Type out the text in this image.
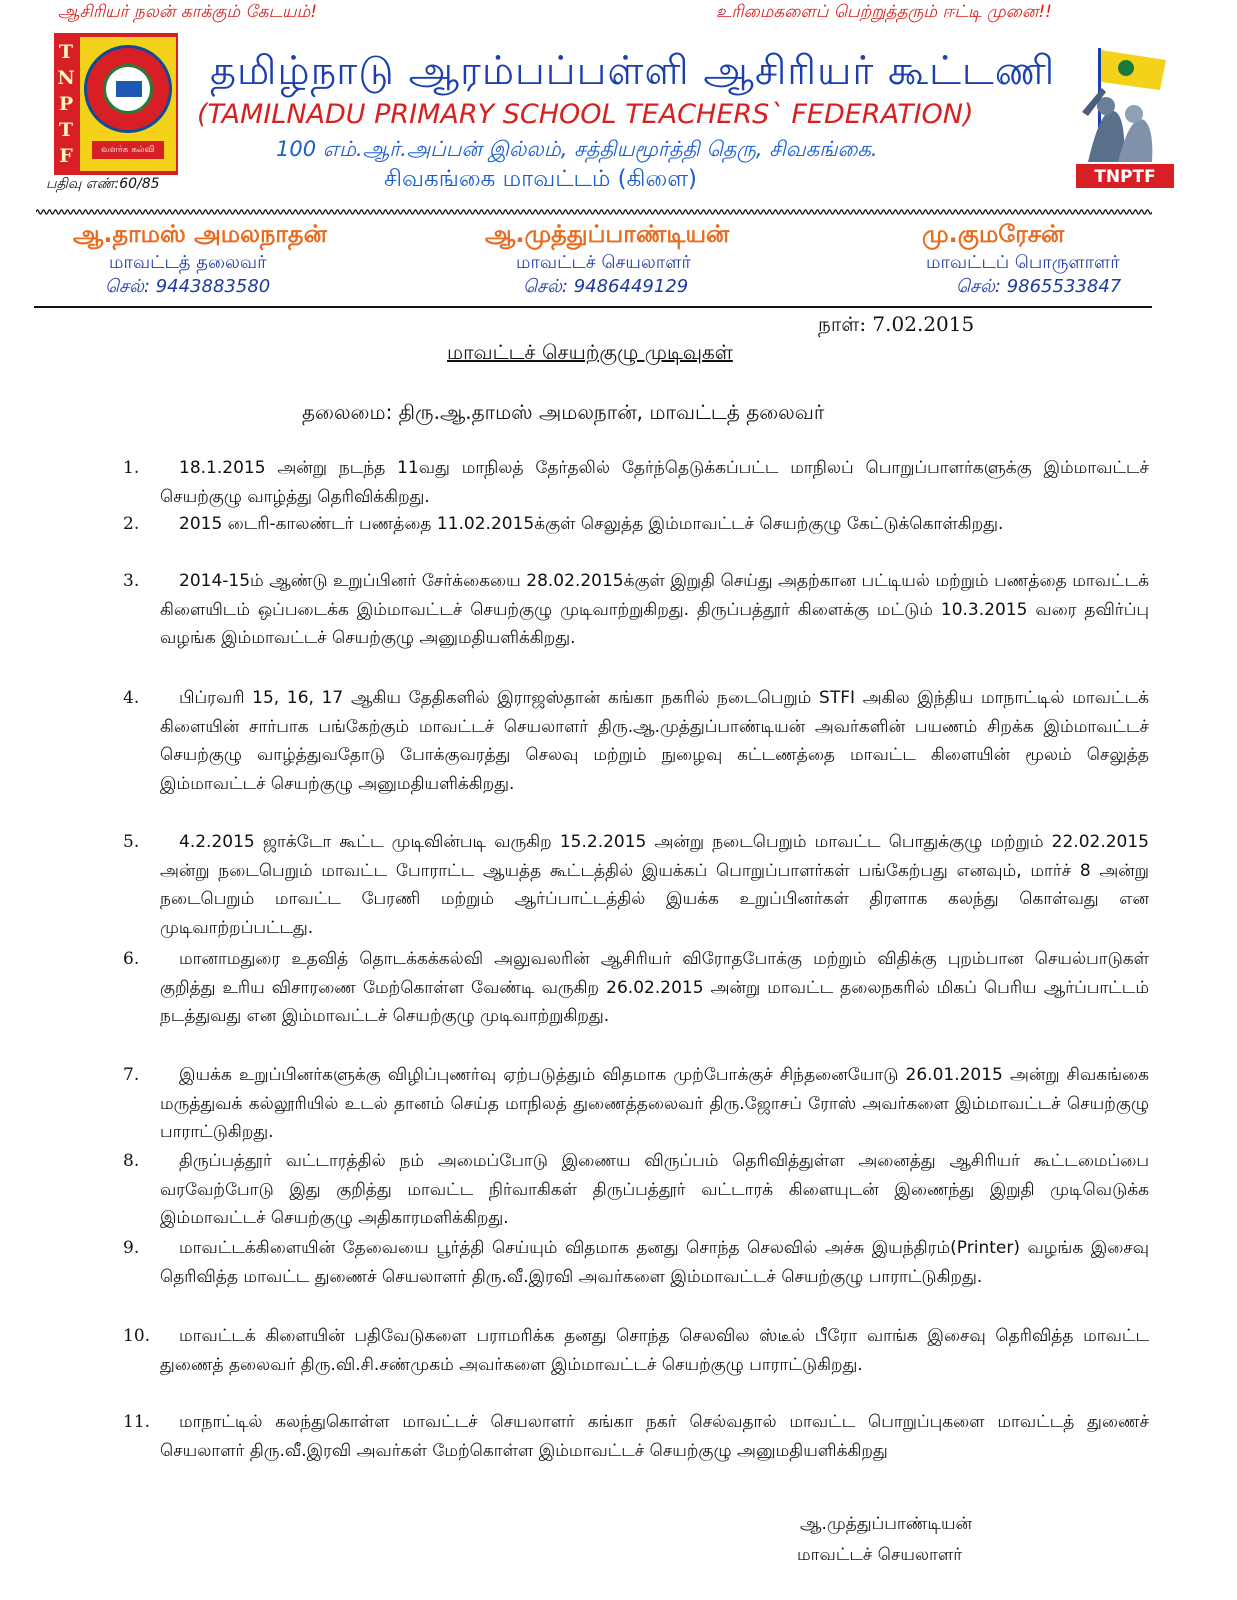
ஆசிரியர் நலன் காக்கும் கேடயம்!	உரிமைகளைப் பெற்றுத்தரும் ஈட்டி முனை!!
T
N
P
T
F	வளர்க கல்வி
பதிவு எண்:60/85
தமிழ்நாடு ஆரம்பப்பள்ளி ஆசிரியர் கூட்டணி
(TAMILNADU PRIMARY SCHOOL TEACHERS` FEDERATION)
100 எம்.ஆர்.அப்பன் இல்லம், சத்தியமூர்த்தி தெரு, சிவகங்கை.
சிவகங்கை மாவட்டம் (கிளை)	TNPTF
ஆ.தாமஸ் அமலநாதன்
மாவட்டத் தலைவர்
செல்: 9443883580
ஆ.முத்துப்பாண்டியன்
மாவட்டச் செயலாளர்
செல்: 9486449129
மு.குமரேசன்
மாவட்டப் பொருளாளர்
செல்: 9865533847
நாள்: 7.02.2015
மாவட்டச் செயற்குழு முடிவுகள்
தலைமை: திரு.ஆ.தாமஸ் அமலநான், மாவட்டத் தலைவர்
1.	18.1.2015 அன்று நடந்த 11வது மாநிலத் தேர்தலில் தேர்ந்தெடுக்கப்பட்ட மாநிலப் பொறுப்பாளர்களுக்கு இம்மாவட்டச் செயற்குழு வாழ்த்து தெரிவிக்கிறது.
2.	2015 டைரி-காலண்டர் பணத்தை 11.02.2015க்குள் செலுத்த இம்மாவட்டச் செயற்குழு கேட்டுக்கொள்கிறது.
3.	2014-15ம் ஆண்டு உறுப்பினர் சேர்க்கையை 28.02.2015க்குள் இறுதி செய்து அதற்கான பட்டியல் மற்றும் பணத்தை மாவட்டக் கிளையிடம் ஒப்படைக்க இம்மாவட்டச் செயற்குழு முடிவாற்றுகிறது. திருப்பத்தூர் கிளைக்கு மட்டும் 10.3.2015 வரை தவிர்ப்பு வழங்க இம்மாவட்டச் செயற்குழு அனுமதியளிக்கிறது.
4.	பிப்ரவரி 15, 16, 17 ஆகிய தேதிகளில் இராஜஸ்தான் கங்கா நகரில் நடைபெறும் STFI அகில இந்திய மாநாட்டில் மாவட்டக் கிளையின் சார்பாக பங்கேற்கும் மாவட்டச் செயலாளர் திரு.ஆ.முத்துப்பாண்டியன் அவர்களின் பயணம் சிறக்க இம்மாவட்டச் செயற்குழு வாழ்த்துவதோடு போக்குவரத்து செலவு மற்றும் நுழைவு கட்டணத்தை மாவட்ட கிளையின் மூலம் செலுத்த இம்மாவட்டச் செயற்குழு அனுமதியளிக்கிறது.
5.	4.2.2015 ஜாக்டோ கூட்ட முடிவின்படி வருகிற 15.2.2015 அன்று நடைபெறும் மாவட்ட பொதுக்குழு மற்றும் 22.02.2015 அன்று நடைபெறும் மாவட்ட போராட்ட ஆயத்த கூட்டத்தில் இயக்கப் பொறுப்பாளர்கள் பங்கேற்பது எனவும், மார்ச் 8 அன்று நடைபெறும் மாவட்ட பேரணி மற்றும் ஆர்ப்பாட்டத்தில் இயக்க உறுப்பினர்கள் திரளாக கலந்து கொள்வது என முடிவாற்றப்பட்டது.
6.	மானாமதுரை உதவித் தொடக்கக்கல்வி அலுவலரின் ஆசிரியர் விரோதபோக்கு மற்றும் விதிக்கு புறம்பான செயல்பாடுகள் குறித்து உரிய விசாரணை மேற்கொள்ள வேண்டி வருகிற 26.02.2015 அன்று மாவட்ட தலைநகரில் மிகப் பெரிய ஆர்ப்பாட்டம் நடத்துவது என இம்மாவட்டச் செயற்குழு முடிவாற்றுகிறது.
7.	இயக்க உறுப்பினர்களுக்கு விழிப்புணர்வு ஏற்படுத்தும் விதமாக முற்போக்குச் சிந்தனையோடு 26.01.2015 அன்று சிவகங்கை மருத்துவக் கல்லூரியில் உடல் தானம் செய்த மாநிலத் துணைத்தலைவர் திரு.ஜோசப் ரோஸ் அவர்களை இம்மாவட்டச் செயற்குழு பாராட்டுகிறது.
8.	திருப்பத்தூர் வட்டாரத்தில் நம் அமைப்போடு இணைய விருப்பம் தெரிவித்துள்ள அனைத்து ஆசிரியர் கூட்டமைப்பை வரவேற்போடு இது குறித்து மாவட்ட நிர்வாகிகள் திருப்பத்தூர் வட்டாரக் கிளையுடன் இணைந்து இறுதி முடிவெடுக்க இம்மாவட்டச் செயற்குழு அதிகாரமளிக்கிறது.
9.	மாவட்டக்கிளையின் தேவையை பூர்த்தி செய்யும் விதமாக தனது சொந்த செலவில் அச்சு இயந்திரம்(Printer) வழங்க இசைவு தெரிவித்த மாவட்ட துணைச் செயலாளர் திரு.வீ.இரவி அவர்களை இம்மாவட்டச் செயற்குழு பாராட்டுகிறது.
10.	மாவட்டக் கிளையின் பதிவேடுகளை பராமரிக்க தனது சொந்த செலவில ஸ்டீல் பீரோ வாங்க இசைவு தெரிவித்த மாவட்ட துணைத் தலைவர் திரு.வி.சி.சண்முகம் அவர்களை இம்மாவட்டச் செயற்குழு பாராட்டுகிறது.
11.	மாநாட்டில் கலந்துகொள்ள மாவட்டச் செயலாளர் கங்கா நகர் செல்வதால் மாவட்ட பொறுப்புகளை மாவட்டத் துணைச் செயலாளர் திரு.வீ.இரவி அவர்கள் மேற்கொள்ள இம்மாவட்டச் செயற்குழு அனுமதியளிக்கிறது
ஆ.முத்துப்பாண்டியன்
மாவட்டச் செயலாளர்
